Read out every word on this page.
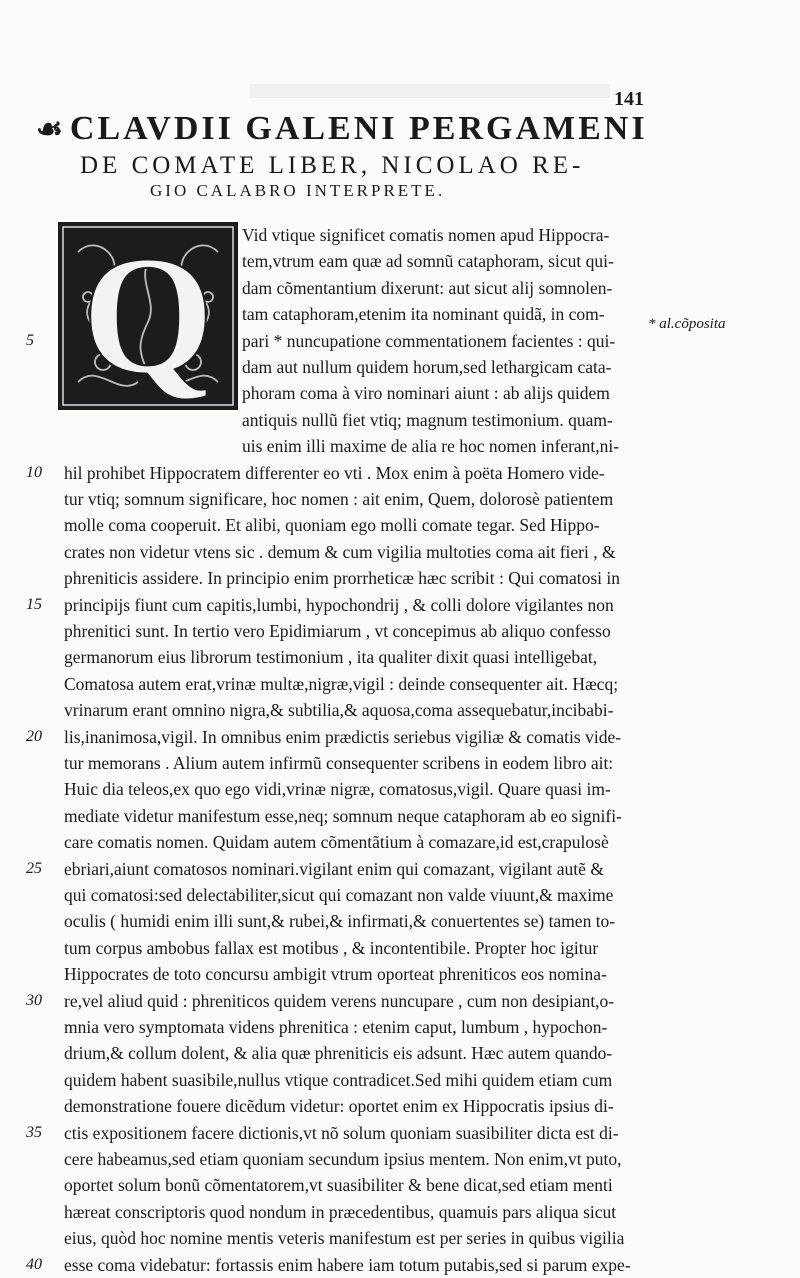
141
☙ CLAVDII GALENI PERGAMENI
DE COMATE LIBER, NICOLAO RE-
GIO CALABRO INTERPRETE.
Q	* al.cõposita
Vid vtique significet comatis nomen apud Hippocra-
tem,vtrum eam quæ ad somnũ cataphoram, sicut qui-
dam cõmentantium dixerunt: aut sicut alij somnolen-
tam cataphoram,etenim ita nominant quidã, in com-
pari * nuncupatione commentationem facientes : qui-
dam aut nullum quidem horum,sed lethargicam cata-
phoram coma à viro nominari aiunt : ab alijs quidem
antiquis nullũ fiet vtiq; magnum testimonium. quam-
uis enim illi maxime de alia re hoc nomen inferant,ni-
hil prohibet Hippocratem differenter eo vti . Mox enim à poëta Homero vide-
tur vtiq; somnum significare, hoc nomen : ait enim, Quem, dolorosè patientem
molle coma cooperuit. Et alibi, quoniam ego molli comate tegar. Sed Hippo-
crates non videtur vtens sic . demum & cum vigilia multoties coma ait fieri , &
phreniticis assidere. In principio enim prorrheticæ hæc scribit : Qui comatosi in
principijs fiunt cum capitis,lumbi, hypochondrij , & colli dolore vigilantes non
phrenitici sunt. In tertio vero Epidimiarum , vt concepimus ab aliquo confesso
germanorum eius librorum testimonium , ita qualiter dixit quasi intelligebat,
Comatosa autem erat,vrinæ multæ,nigræ,vigil : deinde consequenter ait. Hæcq;
vrinarum erant omnino nigra,& subtilia,& aquosa,coma assequebatur,incibabi-
lis,inanimosa,vigil. In omnibus enim prædictis seriebus vigiliæ & comatis vide-
tur memorans . Alium autem infirmũ consequenter scribens in eodem libro ait:
Huic dia teleos,ex quo ego vidi,vrinæ nigræ, comatosus,vigil. Quare quasi im-
mediate videtur manifestum esse,neq; somnum neque cataphoram ab eo signifi-
care comatis nomen. Quidam autem cõmentãtium à comazare,id est,crapulosè
ebriari,aiunt comatosos nominari.vigilant enim qui comazant, vigilant autẽ &
qui comatosi:sed delectabiliter,sicut qui comazant non valde viuunt,& maxime
oculis ( humidi enim illi sunt,& rubei,& infirmati,& conuertentes se) tamen to-
tum corpus ambobus fallax est motibus , & incontentibile. Propter hoc igitur
Hippocrates de toto concursu ambigit vtrum oporteat phreniticos eos nomina-
re,vel aliud quid : phreniticos quidem verens nuncupare , cum non desipiant,o-
mnia vero symptomata videns phrenitica : etenim caput, lumbum , hypochon-
drium,& collum dolent, & alia quæ phreniticis eis adsunt. Hæc autem quando-
quidem habent suasibile,nullus vtique contradicet.Sed mihi quidem etiam cum
demonstratione fouere dicẽdum videtur: oportet enim ex Hippocratis ipsius di-
ctis expositionem facere dictionis,vt nõ solum quoniam suasibiliter dicta est di-
cere habeamus,sed etiam quoniam secundum ipsius mentem. Non enim,vt puto,
oportet solum bonũ cõmentatorem,vt suasibiliter & bene dicat,sed etiam menti
hæreat conscriptoris quod nondum in præcedentibus, quamuis pars aliqua sicut
eius, quòd hoc nomine mentis veteris manifestum est per series in quibus vigilia
esse coma videbatur: fortassis enim habere iam totum putabis,sed si parum expe-
5
10
15
20
25
30
35
40
